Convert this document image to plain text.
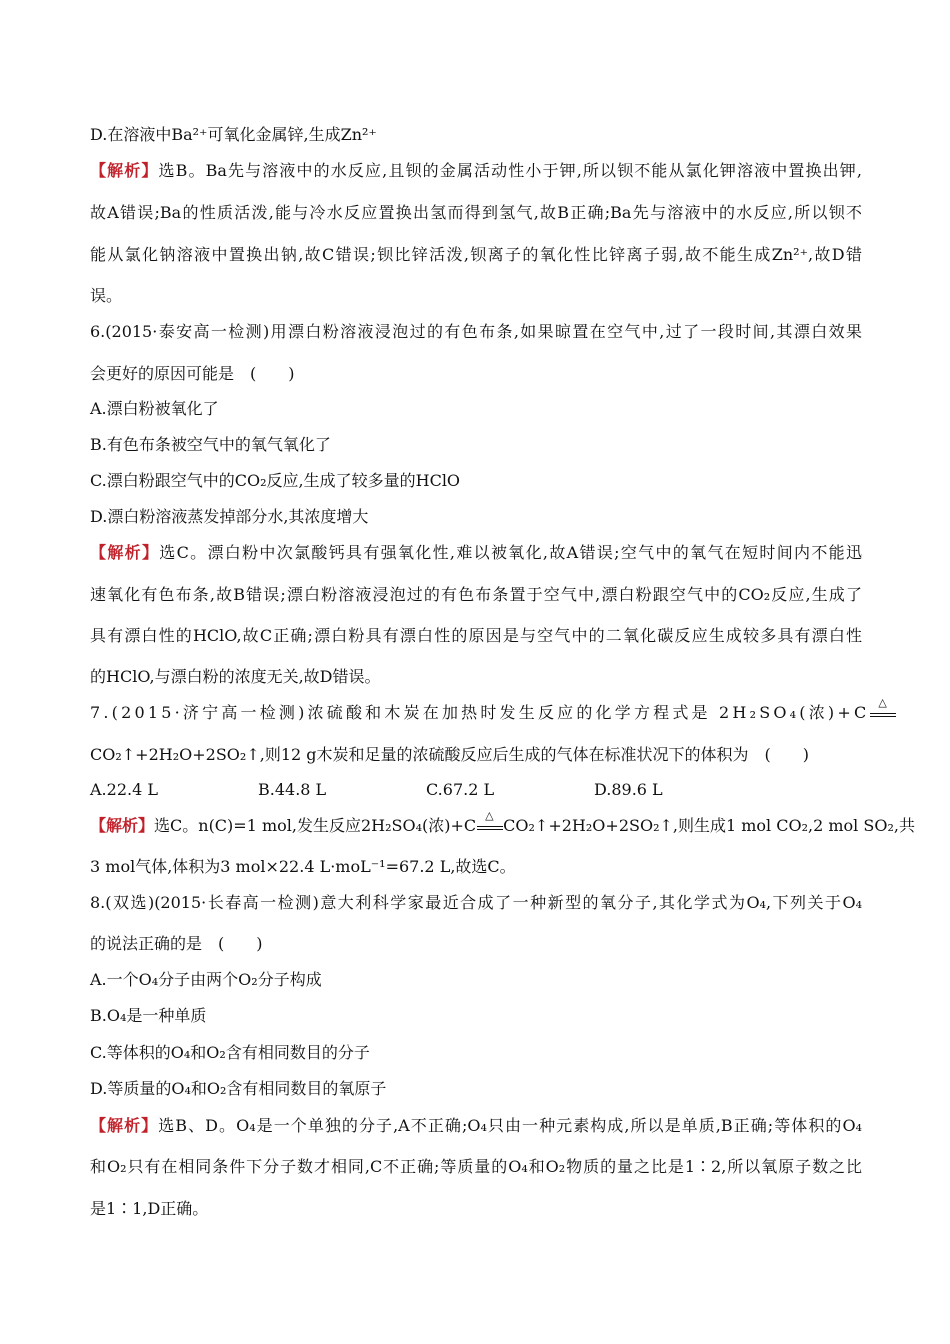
D.在溶液中Ba²⁺可氧化金属锌,生成Zn²⁺
【解析】选B。Ba先与溶液中的水反应,且钡的金属活动性小于钾,所以钡不能从氯化钾溶液中置换出钾,
故A错误;Ba的性质活泼,能与冷水反应置换出氢而得到氢气,故B正确;Ba先与溶液中的水反应,所以钡不
能从氯化钠溶液中置换出钠,故C错误;钡比锌活泼,钡离子的氧化性比锌离子弱,故不能生成Zn²⁺,故D错
误。
6.(2015·泰安高一检测)用漂白粉溶液浸泡过的有色布条,如果晾置在空气中,过了一段时间,其漂白效果
会更好的原因可能是　(　　)
A.漂白粉被氧化了
B.有色布条被空气中的氧气氧化了
C.漂白粉跟空气中的CO₂反应,生成了较多量的HClO
D.漂白粉溶液蒸发掉部分水,其浓度增大
【解析】选C。漂白粉中次氯酸钙具有强氧化性,难以被氧化,故A错误;空气中的氧气在短时间内不能迅
速氧化有色布条,故B错误;漂白粉溶液浸泡过的有色布条置于空气中,漂白粉跟空气中的CO₂反应,生成了
具有漂白性的HClO,故C正确;漂白粉具有漂白性的原因是与空气中的二氧化碳反应生成较多具有漂白性
的HClO,与漂白粉的浓度无关,故D错误。
7.(2015·济宁高一检测)浓硫酸和木炭在加热时发生反应的化学方程式是 2H₂SO₄(浓)+C
△
CO₂↑+2H₂O+2SO₂↑,则12 g木炭和足量的浓硫酸反应后生成的气体在标准状况下的体积为　(　　)
A.22.4 L	B.44.8 L	C.67.2 L	D.89.6 L
【解析】选C。n(C)=1 mol,发生反应2H₂SO₄(浓)+C
△
CO₂↑+2H₂O+2SO₂↑,则生成1 mol CO₂,2 mol SO₂,共
3 mol气体,体积为3 mol×22.4 L·moL⁻¹=67.2 L,故选C。
8.(双选)(2015·长春高一检测)意大利科学家最近合成了一种新型的氧分子,其化学式为O₄,下列关于O₄
的说法正确的是　(　　)
A.一个O₄分子由两个O₂分子构成
B.O₄是一种单质
C.等体积的O₄和O₂含有相同数目的分子
D.等质量的O₄和O₂含有相同数目的氧原子
【解析】选B、D。O₄是一个单独的分子,A不正确;O₄只由一种元素构成,所以是单质,B正确;等体积的O₄
和O₂只有在相同条件下分子数才相同,C不正确;等质量的O₄和O₂物质的量之比是1∶2,所以氧原子数之比
是1∶1,D正确。
